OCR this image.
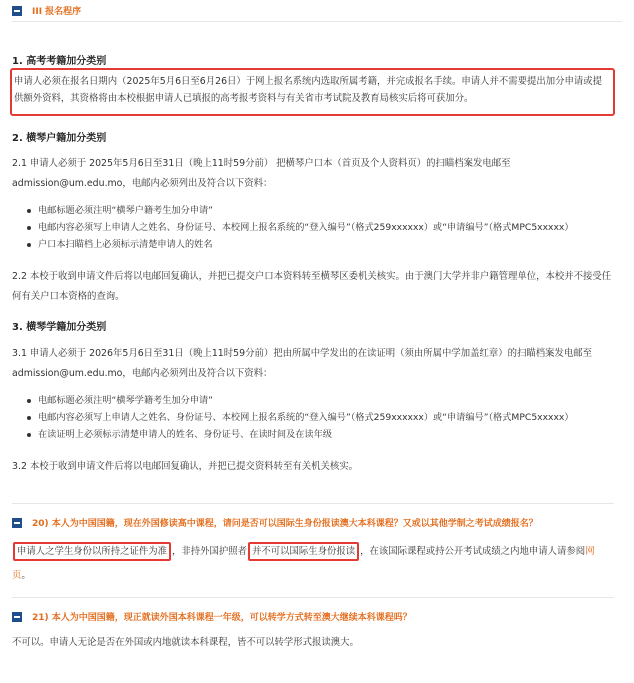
III 报名程序
1. 高考考籍加分类别
申请人必须在报名日期内（2025年5月6日至6月26日）于网上报名系统内选取所属考籍，并完成报名手续。申请人并不需要提出加分申请或提供额外资料，其资格将由本校根据申请人已填报的高考报考资料与有关省市考试院及教育局核实后将可获加分。
2. 横琴户籍加分类别
2.1 申请人必须于 2025年5月6日至31日（晚上11时59分前） 把横琴户口本（首页及个人资料页）的扫瞄档案发电邮至admission@um.edu.mo，电邮内必须列出及符合以下资料：
电邮标题必须注明“横琴户籍考生加分申请”
电邮内容必须写上申请人之姓名、身份证号、本校网上报名系统的“登入编号”（格式259xxxxxx）或“申请编号”（格式MPC5xxxxx）
户口本扫瞄档上必须标示清楚申请人的姓名
2.2 本校于收到申请文件后将以电邮回复确认，并把已提交户口本资料转至横琴区委机关核实。由于澳门大学并非户籍管理单位，本校并不接受任何有关户口本资格的查询。
3. 横琴学籍加分类别
3.1 申请人必须于 2026年5月6日至31日（晚上11时59分前）把由所属中学发出的在读证明（须由所属中学加盖红章）的扫瞄档案发电邮至 admission@um.edu.mo，电邮内必须列出及符合以下资料：
电邮标题必须注明“横琴学籍考生加分申请”
电邮内容必须写上申请人之姓名、身份证号、本校网上报名系统的“登入编号”（格式259xxxxxx）或“申请编号”（格式MPC5xxxxx）
在读证明上必须标示清楚申请人的姓名、身份证号、在读时间及在读年级
3.2 本校于收到申请文件后将以电邮回复确认，并把已提交资料转至有关机关核实。
20) 本人为中国国籍，现在外国修读高中课程，请问是否可以国际生身份报读澳大本科课程？又或以其他学制之考试成绩报名？
申请人之学生身份以所持之证件为准 ，非持外国护照者 并不可以国际生身份报读 ，在该国际课程或持公开考试成绩之内地申请人请参阅网
页。
21) 本人为中国国籍，现正就读外国本科课程一年级，可以转学方式转至澳大继续本科课程吗？
不可以。申请人无论是否在外国或内地就读本科课程，皆不可以转学形式报读澳大。
